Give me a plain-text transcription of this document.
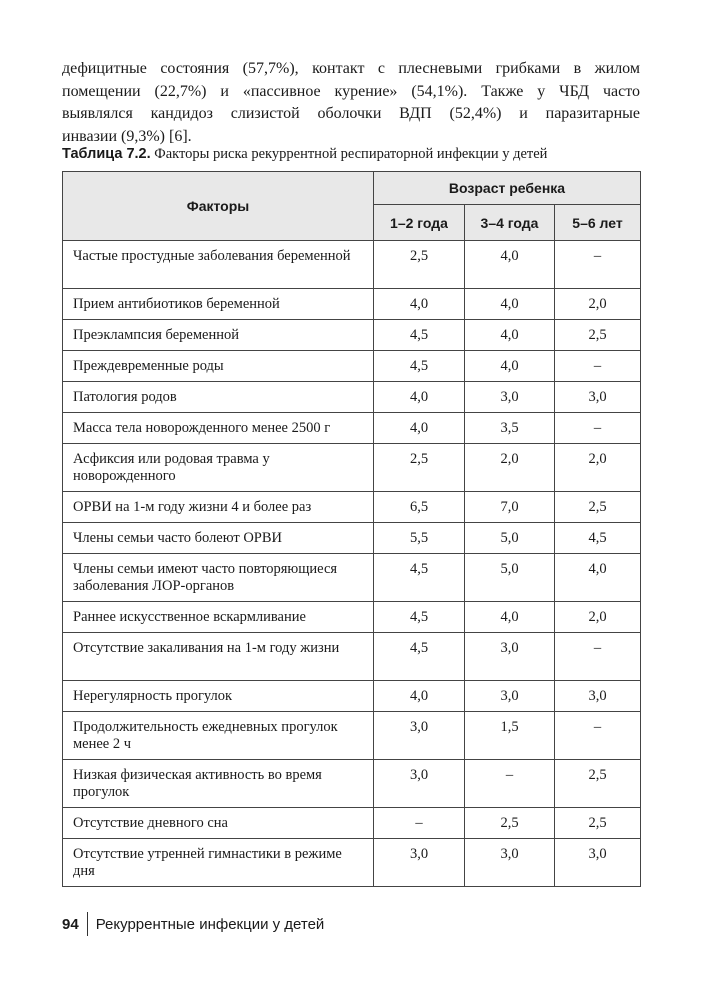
дефицитные состояния (57,7%), контакт с плесневыми грибками в жилом
помещении (22,7%) и «пассивное курение» (54,1%). Также у ЧБД часто
выявлялся кандидоз слизистой оболочки ВДП (52,4%) и паразитарные
инвазии (9,3%) [6].

Таблица 7.2. Факторы риска рекуррентной респираторной инфекции у детей

Факторы	Возраст ребенка		
	1–2 года	3–4 года	5–6 лет
Частые простудные заболевания беременной	2,5	4,0	–
Прием антибиотиков беременной	4,0	4,0	2,0
Преэклампсия беременной	4,5	4,0	2,5
Преждевременные роды	4,5	4,0	–
Патология родов	4,0	3,0	3,0
Масса тела новорожденного менее 2500 г	4,0	3,5	–
Асфиксия или родовая травма у новорожденного	2,5	2,0	2,0
ОРВИ на 1-м году жизни 4 и более раз	6,5	7,0	2,5
Члены семьи часто болеют ОРВИ	5,5	5,0	4,5
Члены семьи имеют часто повторяющиеся заболевания ЛОР-органов	4,5	5,0	4,0
Раннее искусственное вскармливание	4,5	4,0	2,0
Отсутствие закаливания на 1-м году жизни	4,5	3,0	–
Нерегулярность прогулок	4,0	3,0	3,0
Продолжительность ежедневных прогулок менее 2 ч	3,0	1,5	–
Низкая физическая активность во время прогулок	3,0	–	2,5
Отсутствие дневного сна	–	2,5	2,5
Отсутствие утренней гимнастики в режиме дня	3,0	3,0	3,0
94	Рекуррентные инфекции у детей
